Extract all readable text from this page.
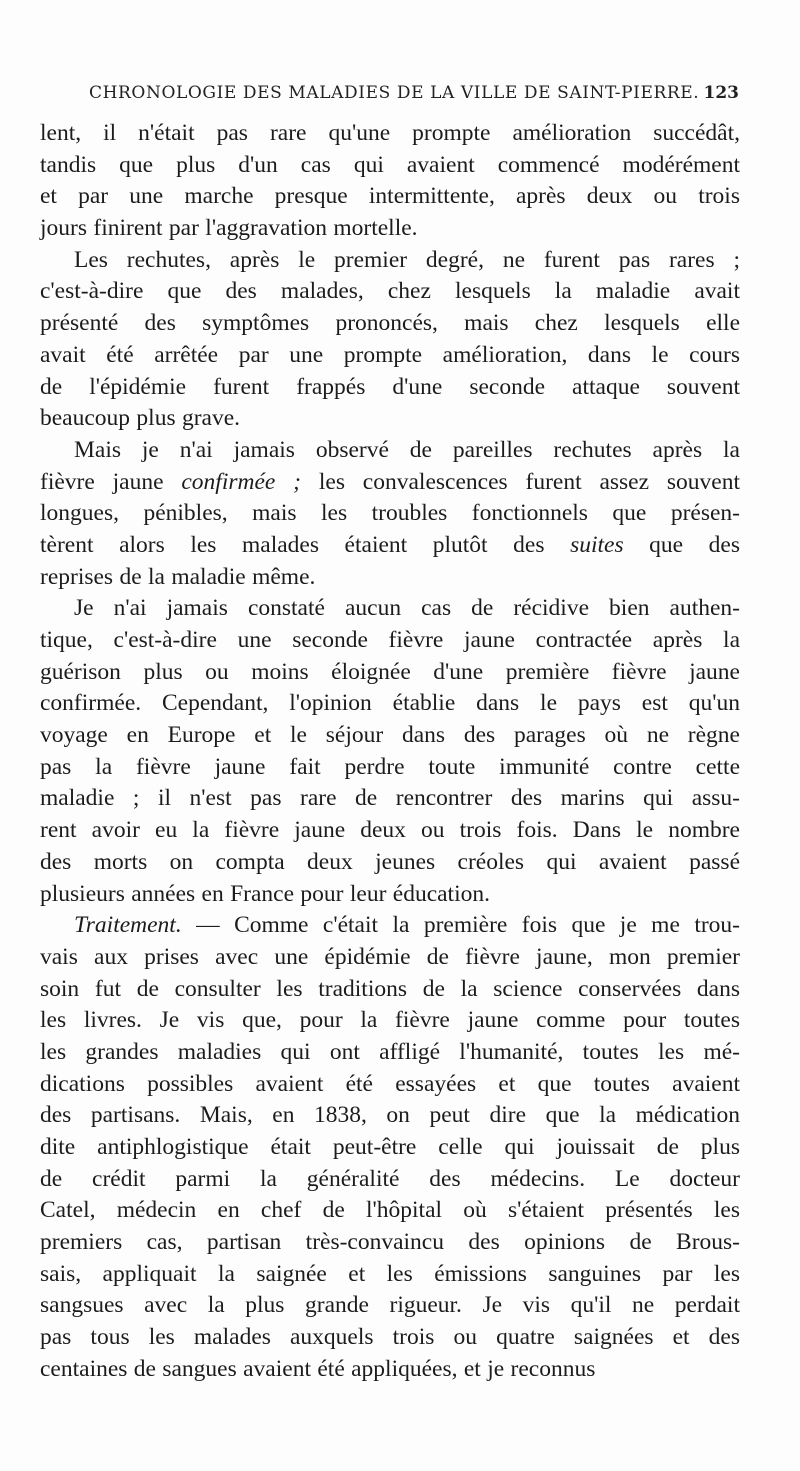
CHRONOLOGIE DES MALADIES DE LA VILLE DE SAINT-PIERRE. 123
lent, il n'était pas rare qu'une prompte amélioration succédât,
tandis que plus d'un cas qui avaient commencé modérément
et par une marche presque intermittente, après deux ou trois
jours finirent par l'aggravation mortelle.
Les rechutes, après le premier degré, ne furent pas rares ;
c'est-à-dire que des malades, chez lesquels la maladie avait
présenté des symptômes prononcés, mais chez lesquels elle
avait été arrêtée par une prompte amélioration, dans le cours
de l'épidémie furent frappés d'une seconde attaque souvent
beaucoup plus grave.
Mais je n'ai jamais observé de pareilles rechutes après la
fièvre jaune confirmée ; les convalescences furent assez souvent
longues, pénibles, mais les troubles fonctionnels que présen-
tèrent alors les malades étaient plutôt des suites que des
reprises de la maladie même.
Je n'ai jamais constaté aucun cas de récidive bien authen-
tique, c'est-à-dire une seconde fièvre jaune contractée après la
guérison plus ou moins éloignée d'une première fièvre jaune
confirmée. Cependant, l'opinion établie dans le pays est qu'un
voyage en Europe et le séjour dans des parages où ne règne
pas la fièvre jaune fait perdre toute immunité contre cette
maladie ; il n'est pas rare de rencontrer des marins qui assu-
rent avoir eu la fièvre jaune deux ou trois fois. Dans le nombre
des morts on compta deux jeunes créoles qui avaient passé
plusieurs années en France pour leur éducation.
Traitement. — Comme c'était la première fois que je me trou-
vais aux prises avec une épidémie de fièvre jaune, mon premier
soin fut de consulter les traditions de la science conservées dans
les livres. Je vis que, pour la fièvre jaune comme pour toutes
les grandes maladies qui ont affligé l'humanité, toutes les mé-
dications possibles avaient été essayées et que toutes avaient
des partisans. Mais, en 1838, on peut dire que la médication
dite antiphlogistique était peut-être celle qui jouissait de plus
de crédit parmi la généralité des médecins. Le docteur
Catel, médecin en chef de l'hôpital où s'étaient présentés les
premiers cas, partisan très-convaincu des opinions de Brous-
sais, appliquait la saignée et les émissions sanguines par les
sangsues avec la plus grande rigueur. Je vis qu'il ne perdait
pas tous les malades auxquels trois ou quatre saignées et des
centaines de sangues avaient été appliquées, et je reconnus
